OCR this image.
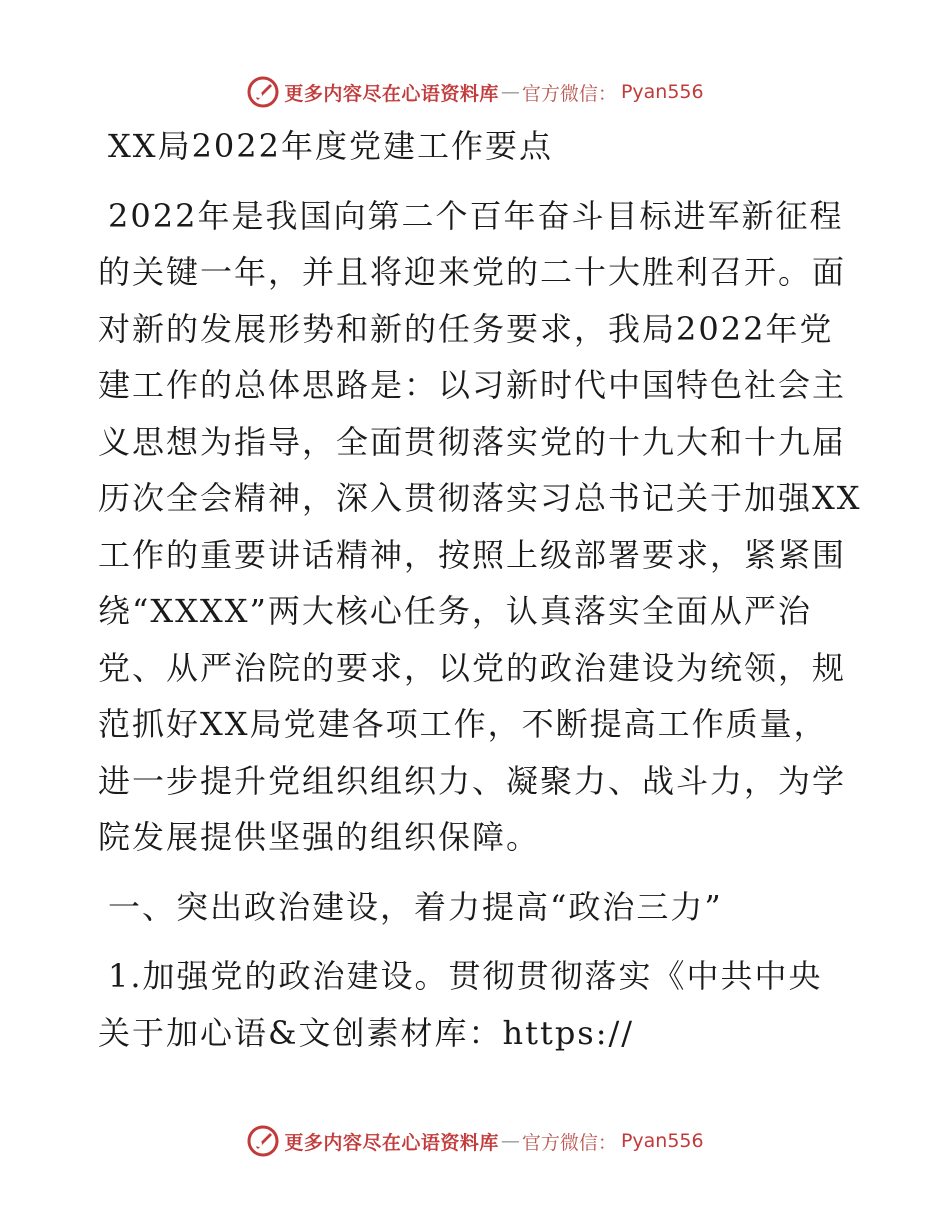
更多内容尽在心语资料库 — 官方微信： Pyan556

XX局2022年度党建工作要点

2022年是我国向第二个百年奋斗目标进军新征程
的关键一年，并且将迎来党的二十大胜利召开。面
对新的发展形势和新的任务要求，我局2022年党
建工作的总体思路是：以习新时代中国特色社会主
义思想为指导，全面贯彻落实党的十九大和十九届
历次全会精神，深入贯彻落实习总书记关于加强XX
工作的重要讲话精神，按照上级部署要求，紧紧围
绕“XXXX”两大核心任务，认真落实全面从严治
党、从严治院的要求，以党的政治建设为统领，规
范抓好XX局党建各项工作，不断提高工作质量，
进一步提升党组织组织力、凝聚力、战斗力，为学
院发展提供坚强的组织保障。

一、突出政治建设，着力提高“政治三力”

1.加强党的政治建设。贯彻贯彻落实《中共中央
关于加心语&文创素材库：https://

更多内容尽在心语资料库 — 官方微信： Pyan556
